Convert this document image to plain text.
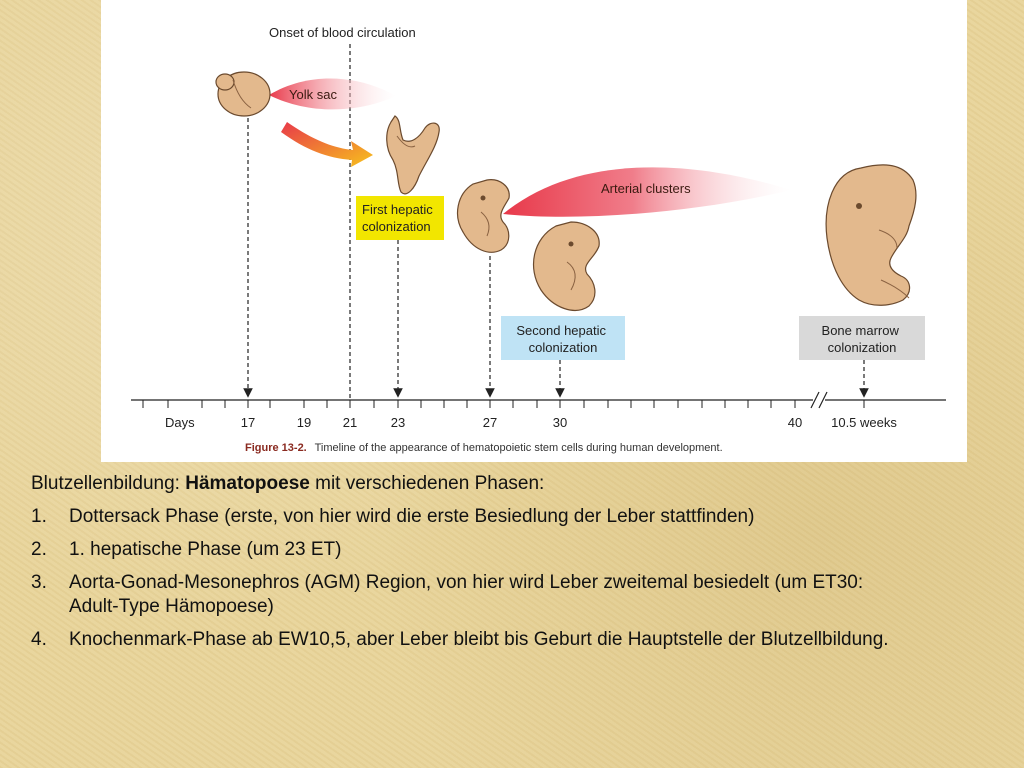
Onset of blood circulation
Yolk sac
First hepatic colonization
Arterial clusters
Second hepatic colonization
Bone marrow colonization
Days	17	19 21	23	27	30	40 10.5 weeks
Figure 13-2. Timeline of the appearance of hematopoietic stem cells during human development.

Blutzellenbildung: Hämatopoese mit verschiedenen Phasen:

1.	Dottersack Phase (erste, von hier wird die erste Besiedlung der Leber stattfinden)
2.	1. hepatische Phase (um 23 ET)
3.	Aorta-Gonad-Mesonephros (AGM) Region, von hier wird Leber zweitemal besiedelt (um ET30: Adult-Type Hämopoese)
4.	Knochenmark-Phase ab EW10,5, aber Leber bleibt bis Geburt die Hauptstelle der Blutzellbildung.
